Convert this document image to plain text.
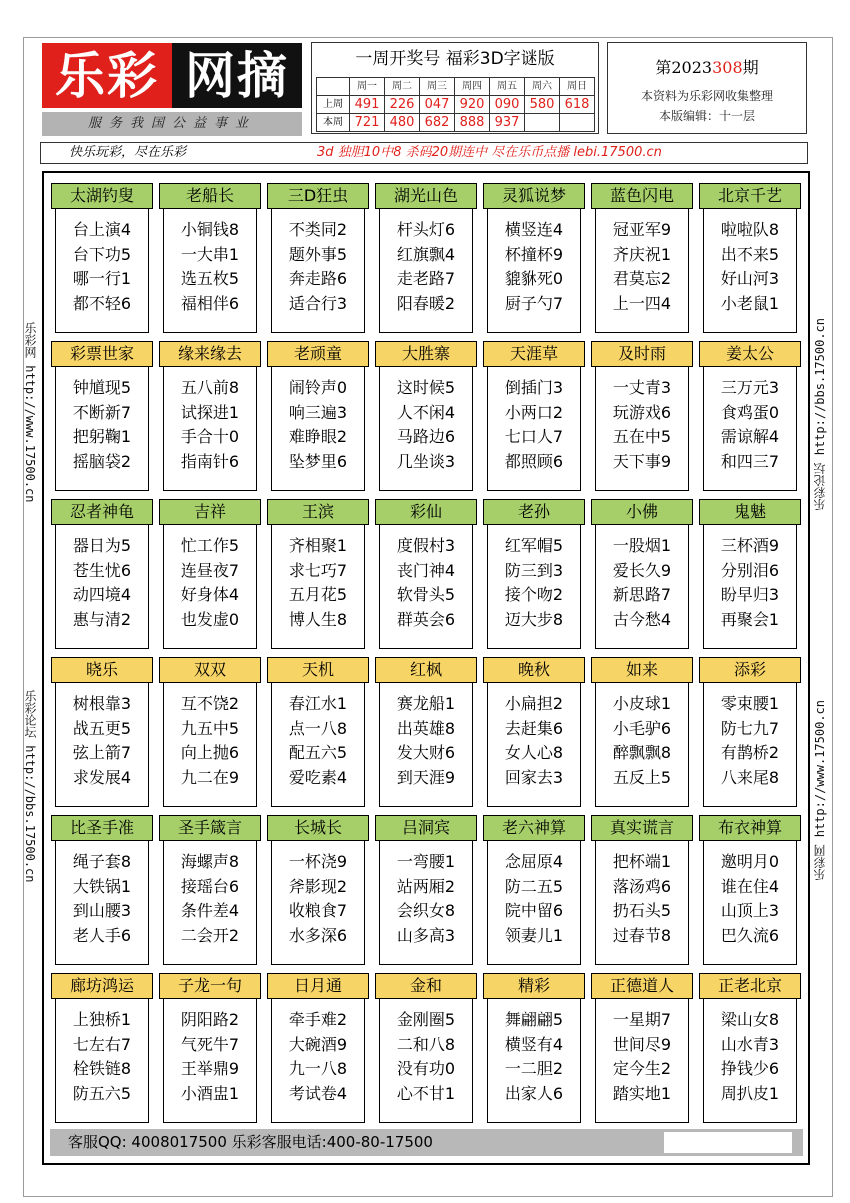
乐彩 网摘
服务我国公益事业
一周开奖号 福彩3D字谜版
	周一	周二	周三	周四	周五	周六	周日
上周	491	226	047	920	090	580	618
本周	721	480	682	888	937		
第2023308期
本资料为乐彩网收集整理
本版编辑：十一层
快乐玩彩，尽在乐彩	3d 独胆10中8 杀码20期连中 尽在乐币点播 lebi.17500.cn
乐彩网 http://www.17500.cn
乐彩论坛 http://bbs.17500.cn
乐彩论坛 http://bbs.17500.cn
乐彩网 http://www.17500.cn
太湖钓叟
台上演4
台下功5
哪一行1
都不轻6
老船长
小铜钱8
一大串1
选五枚5
福相伴6
三D狂虫
不类同2
题外事5
奔走路6
适合行3
湖光山色
杆头灯6
红旗飘4
走老路7
阳春暖2
灵狐说梦
横竖连4
杯撞杯9
貔貅死0
厨子勺7
蓝色闪电
冠亚军9
齐庆祝1
君莫忘2
上一四4
北京千艺
啦啦队8
出不来5
好山河3
小老鼠1
彩票世家
钟馗现5
不断新7
把躬鞠1
摇脑袋2
缘来缘去
五八前8
试探进1
手合十0
指南针6
老顽童
闹铃声0
响三遍3
难睁眼2
坠梦里6
大胜寨
这时候5
人不闲4
马路边6
几坐谈3
天涯草
倒插门3
小两口2
七口人7
都照顾6
及时雨
一丈青3
玩游戏6
五在中5
天下事9
姜太公
三万元3
食鸡蛋0
需谅解4
和四三7
忍者神龟
器日为5
苍生忧6
动四境4
惠与清2
吉祥
忙工作5
连昼夜7
好身体4
也发虚0
王滨
齐相聚1
求七巧7
五月花5
博人生8
彩仙
度假村3
丧门神4
软骨头5
群英会6
老孙
红军帽5
防三到3
接个吻2
迈大步8
小佛
一股烟1
爱长久9
新思路7
古今愁4
鬼魅
三杯酒9
分别泪6
盼早归3
再聚会1
晓乐
树根靠3
战五更5
弦上箭7
求发展4
双双
互不饶2
九五中5
向上抛6
九二在9
天机
春江水1
点一八8
配五六5
爱吃素4
红枫
赛龙船1
出英雄8
发大财6
到天涯9
晚秋
小扁担2
去赶集6
女人心8
回家去3
如来
小皮球1
小毛驴6
醉飘飘8
五反上5
添彩
零束腰1
防七九7
有鹊桥2
八来尾8
比圣手准
绳子套8
大铁锅1
到山腰3
老人手6
圣手箴言
海螺声8
接瑶台6
条件差4
二会开2
长城长
一杯浇9
斧影现2
收粮食7
水多深6
吕洞宾
一弯腰1
站两厢2
会织女8
山多高3
老六神算
念屈原4
防二五5
院中留6
领妻儿1
真实谎言
把杯端1
落汤鸡6
扔石头5
过春节8
布衣神算
邀明月0
谁在住4
山顶上3
巴久流6
廊坊鸿运
上独桥1
七左右7
栓铁链8
防五六5
子龙一句
阴阳路2
气死牛7
王举鼎9
小酒盅1
日月通
牵手难2
大碗酒9
九一八8
考试卷4
金和
金刚圈5
二和八8
没有功0
心不甘1
精彩
舞翩翩5
横竖有4
一二胆2
出家人6
正德道人
一星期7
世间尽9
定今生2
踏实地1
正老北京
梁山女8
山水青3
挣钱少6
周扒皮1
客服QQ: 4008017500 乐彩客服电话:400-80-17500
